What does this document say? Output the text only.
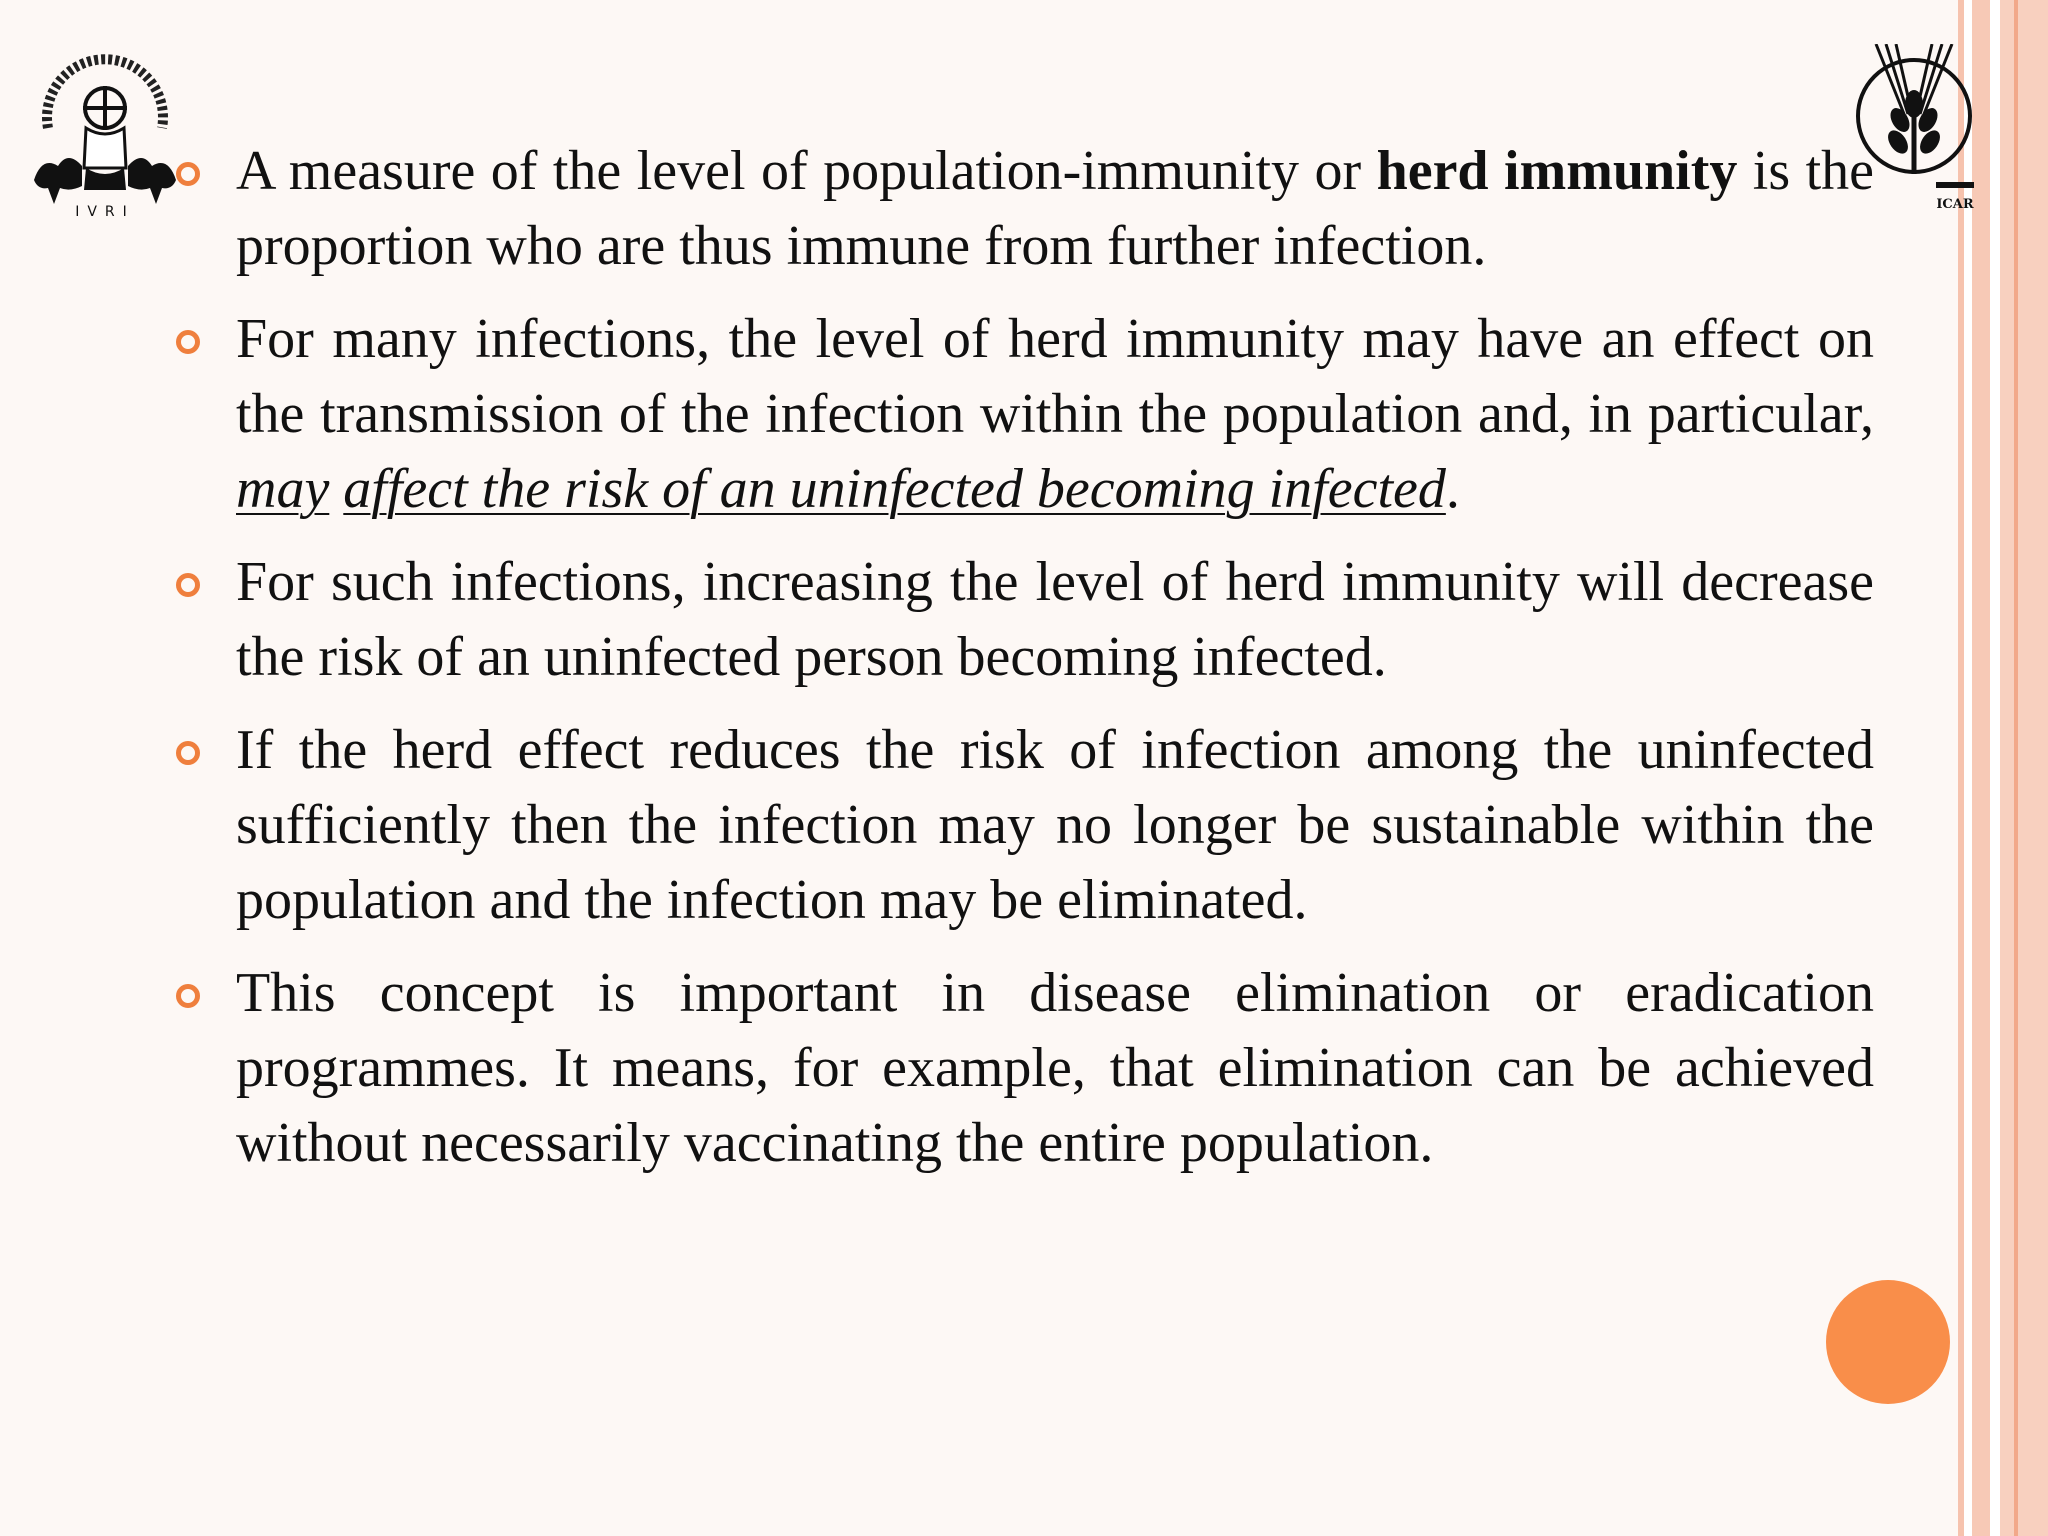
IVRI	ICAR
A measure of the level of population-immunity or herd immunity is the proportion who are thus immune from further infection.
For many infections, the level of herd immunity may have an effect on the transmission of the infection within the population and, in particular, may affect the risk of an uninfected becoming infected.
For such infections, increasing the level of herd immunity will decrease the risk of an uninfected person becoming infected.
If the herd effect reduces the risk of infection among the uninfected sufficiently then the infection may no longer be sustainable within the population and the infection may be eliminated.
This concept is important in disease elimination or eradication programmes. It means, for example, that elimination can be achieved without necessarily vaccinating the entire population.
